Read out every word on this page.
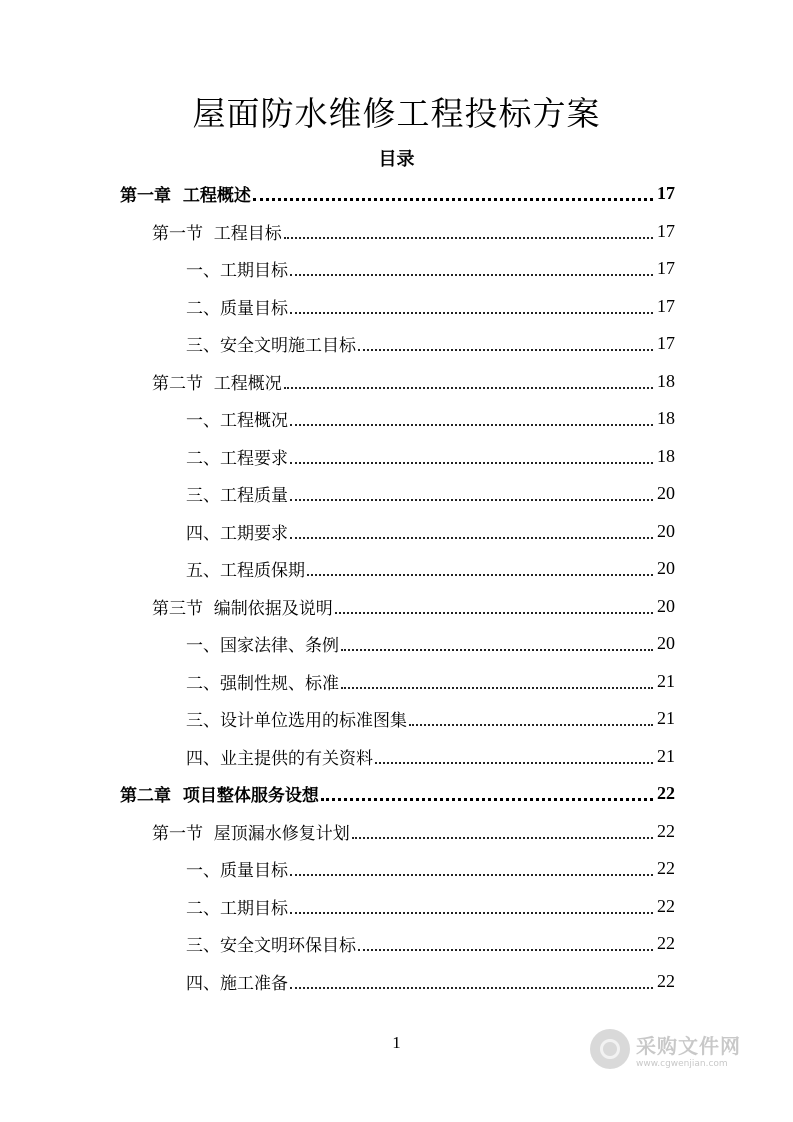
屋面防水维修工程投标方案
目录
第一章  工程概述	17
第一节  工程目标	17
一、工期目标	17
二、质量目标	17
三、安全文明施工目标	17
第二节  工程概况	18
一、工程概况	18
二、工程要求	18
三、工程质量	20
四、工期要求	20
五、工程质保期	20
第三节  编制依据及说明	20
一、国家法律、条例	20
二、强制性规、标准	21
三、设计单位选用的标准图集	21
四、业主提供的有关资料	21
第二章  项目整体服务设想	22
第一节  屋顶漏水修复计划	22
一、质量目标	22
二、工期目标	22
三、安全文明环保目标	22
四、施工准备	22
1	采购文件网
www.cgwenjian.com
